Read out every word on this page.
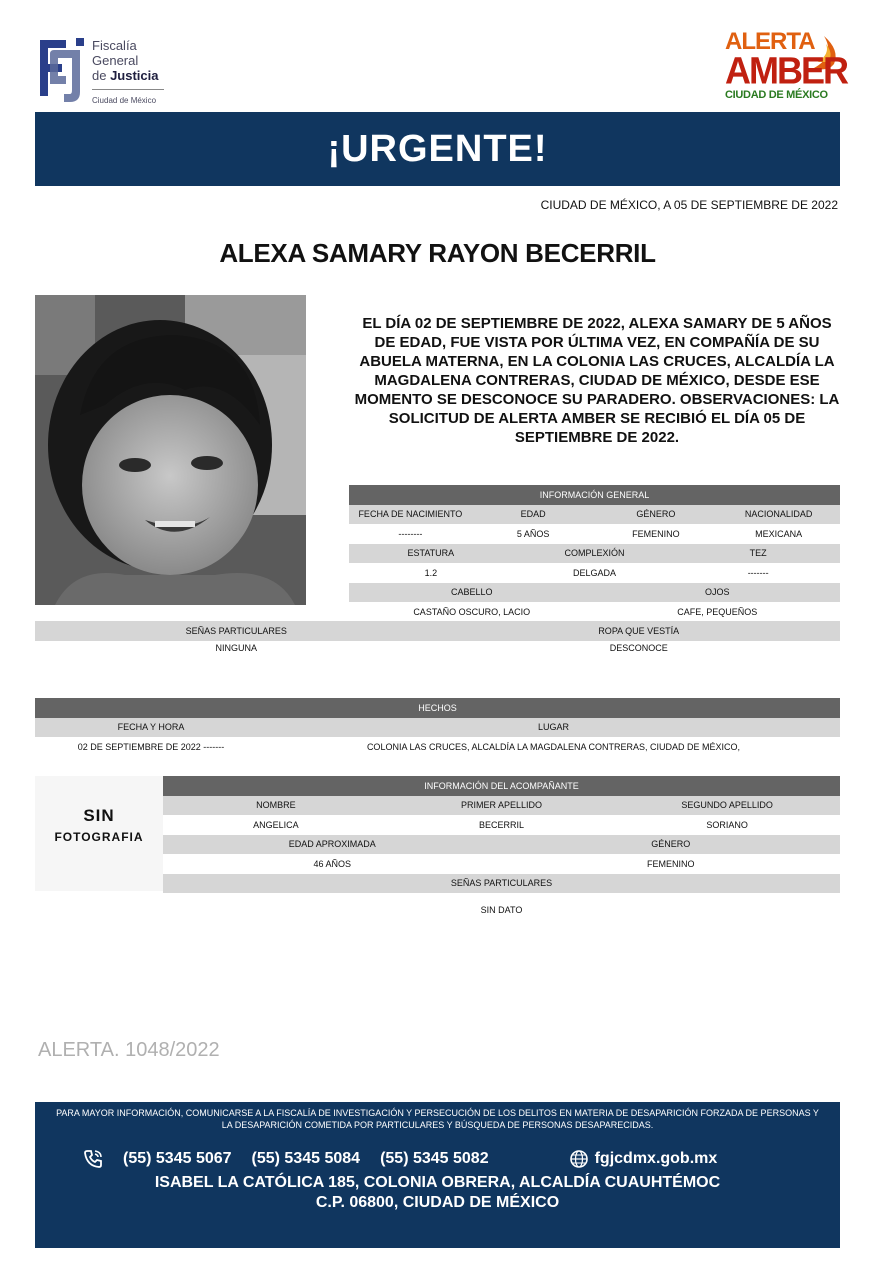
Fiscalía
General
de Justicia
Ciudad de México
ALERTA
AMBER
CIUDAD DE MÉXICO
¡URGENTE!
CIUDAD DE MÉXICO, A 05 DE SEPTIEMBRE DE 2022
ALEXA SAMARY RAYON BECERRIL
EL DÍA 02 DE SEPTIEMBRE DE 2022, ALEXA SAMARY DE 5 AÑOS DE EDAD, FUE VISTA POR ÚLTIMA VEZ, EN COMPAÑÍA DE SU ABUELA MATERNA, EN LA COLONIA LAS CRUCES, ALCALDÍA LA MAGDALENA CONTRERAS, CIUDAD DE MÉXICO, DESDE ESE MOMENTO SE DESCONOCE SU PARADERO. OBSERVACIONES: LA SOLICITUD DE ALERTA AMBER SE RECIBIÓ EL DÍA 05 DE SEPTIEMBRE DE 2022.
INFORMACIÓN GENERAL
FECHA DE NACIMIENTO	EDAD	GÉNERO	NACIONALIDAD
--------	5 AÑOS	FEMENINO	MEXICANA
ESTATURA	COMPLEXIÓN	TEZ
1.2	DELGADA	-------
CABELLO	OJOS
CASTAÑO OSCURO, LACIO	CAFE, PEQUEÑOS
SEÑAS PARTICULARES	ROPA QUE VESTÍA
NINGUNA	DESCONOCE
HECHOS
FECHA Y HORA	LUGAR
02 DE SEPTIEMBRE DE 2022 -------	COLONIA LAS CRUCES, ALCALDÍA LA MAGDALENA CONTRERAS, CIUDAD DE MÉXICO,
SIN
FOTOGRAFIA
INFORMACIÓN DEL ACOMPAÑANTE
NOMBRE	PRIMER APELLIDO	SEGUNDO APELLIDO
ANGELICA	BECERRIL	SORIANO
EDAD APROXIMADA	GÉNERO
46 AÑOS	FEMENINO
SEÑAS PARTICULARES
SIN DATO
ALERTA. 1048/2022
PARA MAYOR INFORMACIÓN, COMUNICARSE A LA FISCALÍA DE INVESTIGACIÓN Y PERSECUCIÓN DE LOS DELITOS EN MATERIA DE DESAPARICIÓN FORZADA DE PERSONAS Y LA DESAPARICIÓN COMETIDA POR PARTICULARES Y BÚSQUEDA DE PERSONAS DESAPARECIDAS.
(55) 5345 5067 (55) 5345 5084 (55) 5345 5082	fgjcdmx.gob.mx
ISABEL LA CATÓLICA 185, COLONIA OBRERA, ALCALDÍA CUAUHTÉMOC
C.P. 06800, CIUDAD DE MÉXICO
